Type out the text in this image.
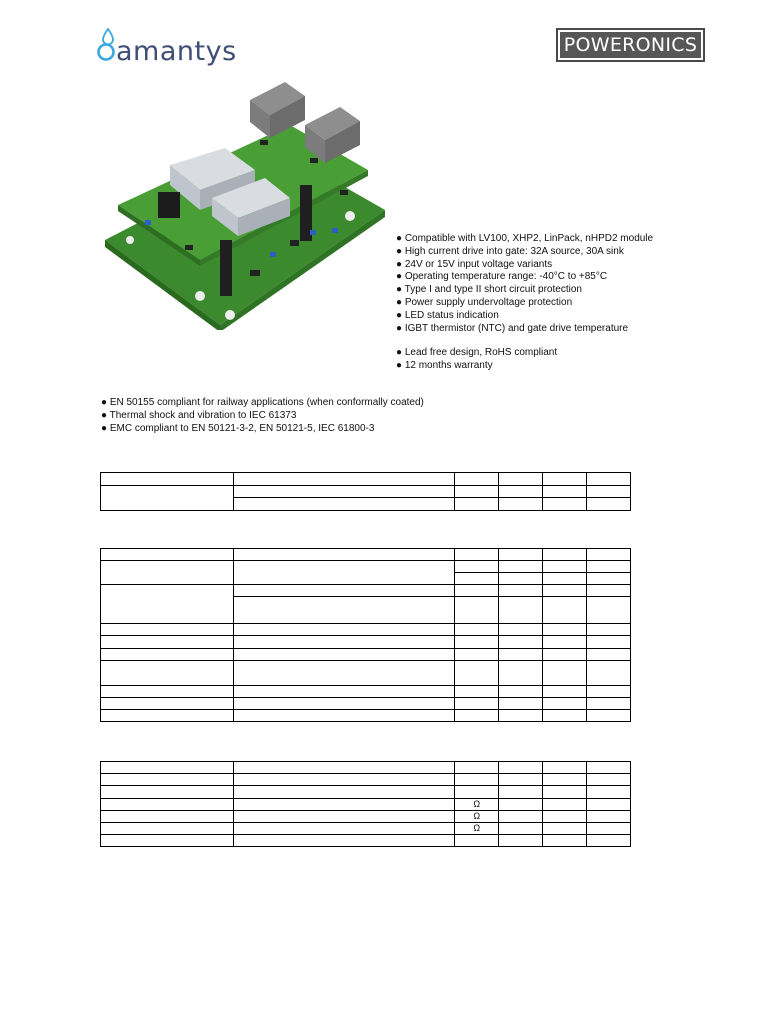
amantys	POWERONICS
● Compatible with LV100, XHP2, LinPack, nHPD2 module
● High current drive into gate: 32A source, 30A sink
● 24V or 15V input voltage variants
● Operating temperature range: -40°C to +85°C
● Type I and type II short circuit protection
● Power supply undervoltage protection
● LED status indication
● IGBT thermistor (NTC) and gate drive temperature
● Lead free design, RoHS compliant
● 12 months warranty
● EN 50155 compliant for railway applications (when conformally coated)
● Thermal shock and vibration to IEC 61373
● EMC compliant to EN 50121-3-2, EN 50121-5, IEC 61800-3

		Ω			
		Ω			
		Ω			
